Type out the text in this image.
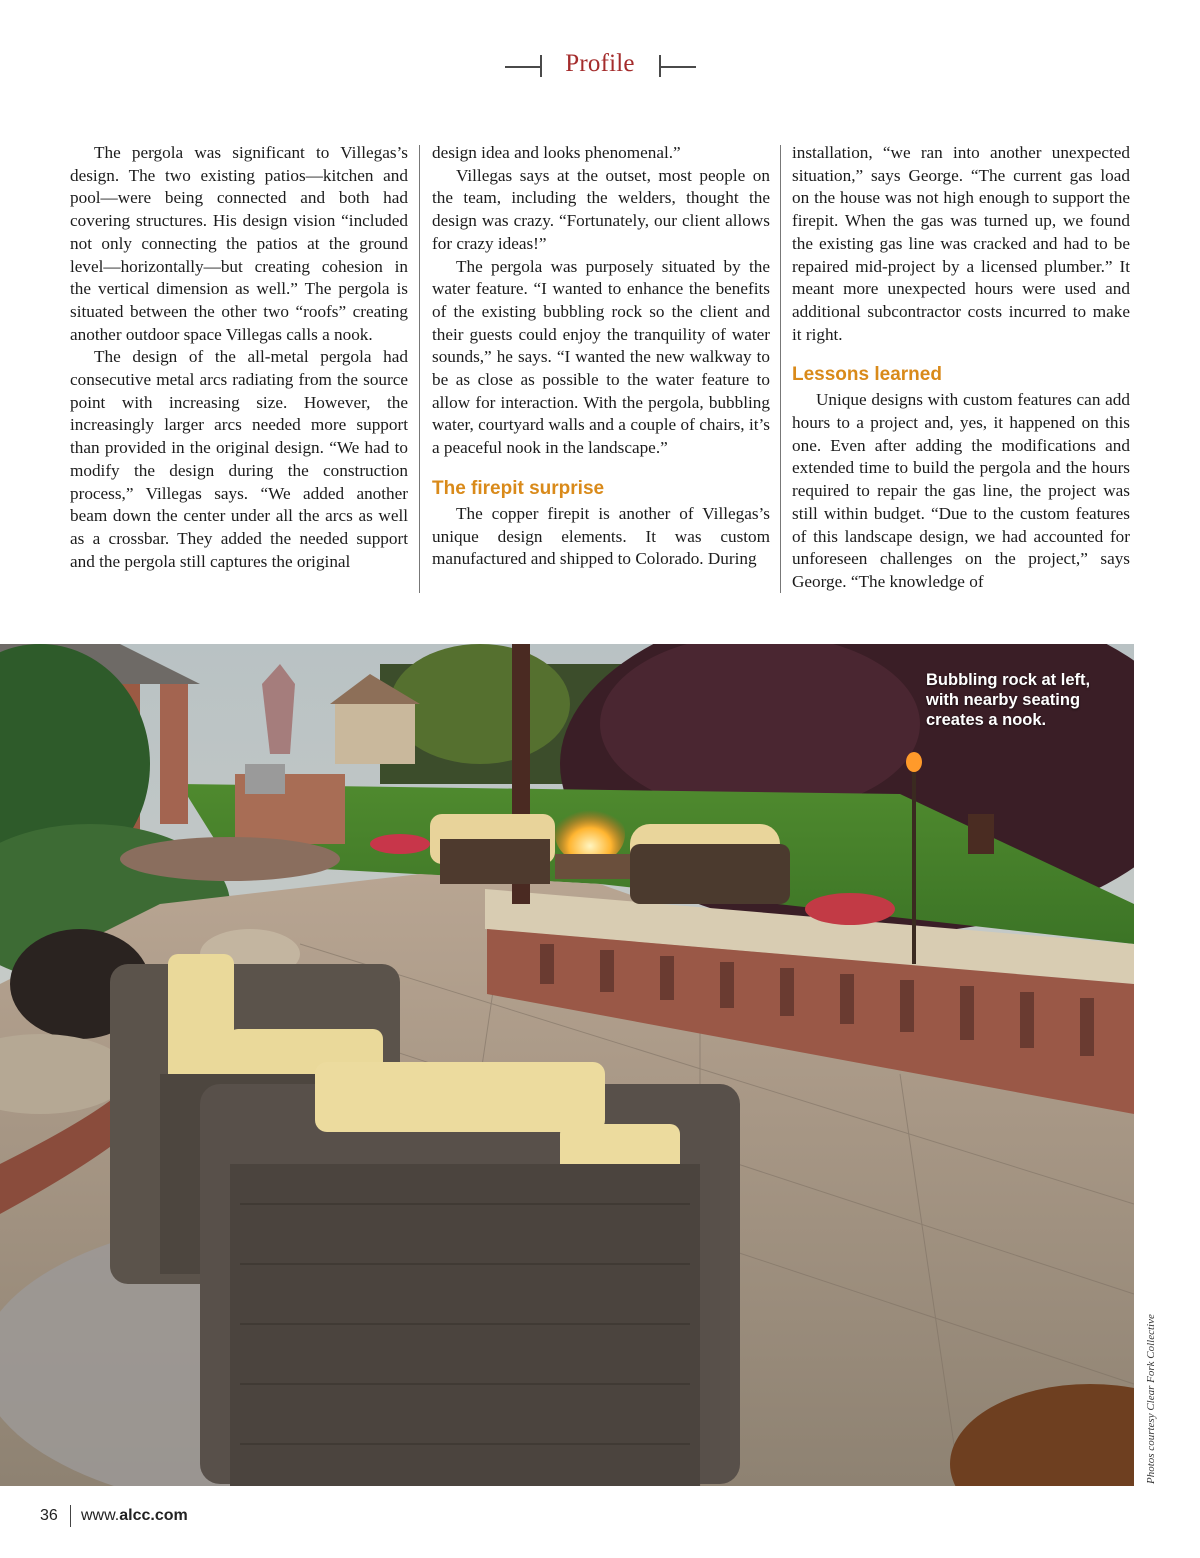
Profile

The pergola was significant to Villegas’s design. The two existing patios—kitchen and pool—were being connected and both had covering structures. His design vision “included not only connecting the patios at the ground level—horizontally—but creating cohesion in the vertical dimension as well.” The pergola is situated between the other two “roofs” creating another outdoor space Villegas calls a nook.

The design of the all-metal pergola had consecutive metal arcs radiating from the source point with increasing size. However, the increasingly larger arcs needed more support than provided in the original design. “We had to modify the design during the construction process,” Villegas says. “We added another beam down the center under all the arcs as well as a crossbar. They added the needed support and the pergola still captures the original

design idea and looks phenomenal.”

Villegas says at the outset, most people on the team, including the welders, thought the design was crazy. “Fortunately, our client allows for crazy ideas!”

The pergola was purposely situated by the water feature. “I wanted to enhance the benefits of the existing bubbling rock so the client and their guests could enjoy the tranquility of water sounds,” he says. “I wanted the new walkway to be as close as possible to the water feature to allow for interaction. With the pergola, bubbling water, courtyard walls and a couple of chairs, it’s a peaceful nook in the landscape.”

The firepit surprise

The copper firepit is another of Villegas’s unique design elements. It was custom manufactured and shipped to Colorado. During

installation, “we ran into another unexpected situation,” says George. “The current gas load on the house was not high enough to support the firepit. When the gas was turned up, we found the existing gas line was cracked and had to be repaired mid-project by a licensed plumber.” It meant more unexpected hours were used and additional subcontractor costs incurred to make it right.

Lessons learned

Unique designs with custom features can add hours to a project and, yes, it happened on this one. Even after adding the modifications and extended time to build the pergola and the hours required to repair the gas line, the project was still within budget. “Due to the custom features of this landscape design, we had accounted for unforeseen challenges on the project,” says George. “The knowledge of

Bubbling rock at left, with nearby seating creates a nook.
Photos courtesy Clear Fork Collective
36 www.alcc.com
